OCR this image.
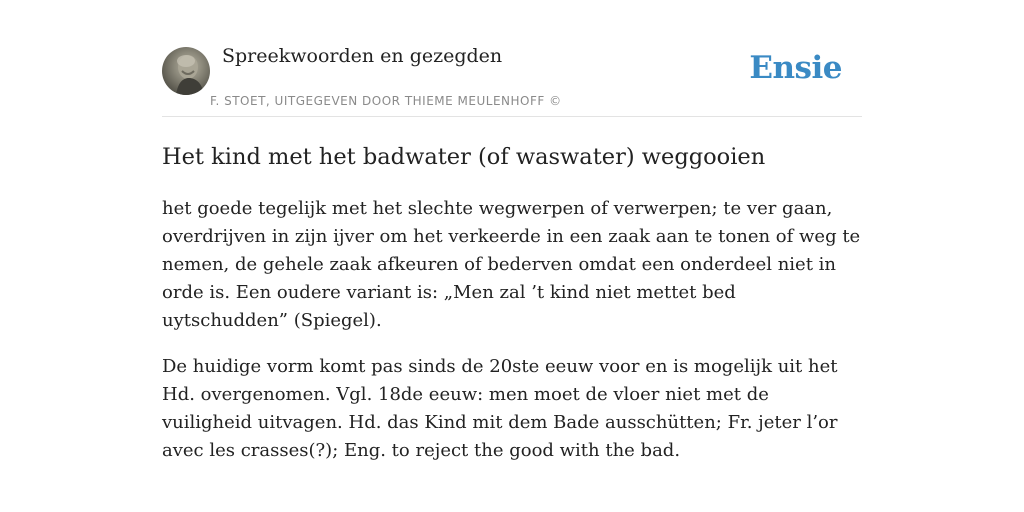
Spreekwoorden en gezegden
F. STOET, UITGEGEVEN DOOR THIEME MEULENHOFF ©
Ensie
Het kind met het badwater (of waswater) weggooien

het goede tegelijk met het slechte wegwerpen of verwerpen; te ver gaan, overdrijven in zijn ijver om het verkeerde in een zaak aan te tonen of weg te nemen, de gehele zaak afkeuren of bederven omdat een onderdeel niet in orde is. Een oudere variant is: „Men zal ’t kind niet mettet bed uytschudden” (Spiegel).

De huidige vorm komt pas sinds de 20ste eeuw voor en is mogelijk uit het Hd. overgenomen. Vgl. 18de eeuw: men moet de vloer niet met de vuiligheid uitvagen. Hd. das Kind mit dem Bade ausschütten; Fr. jeter l’or avec les crasses(?); Eng. to reject the good with the bad.
